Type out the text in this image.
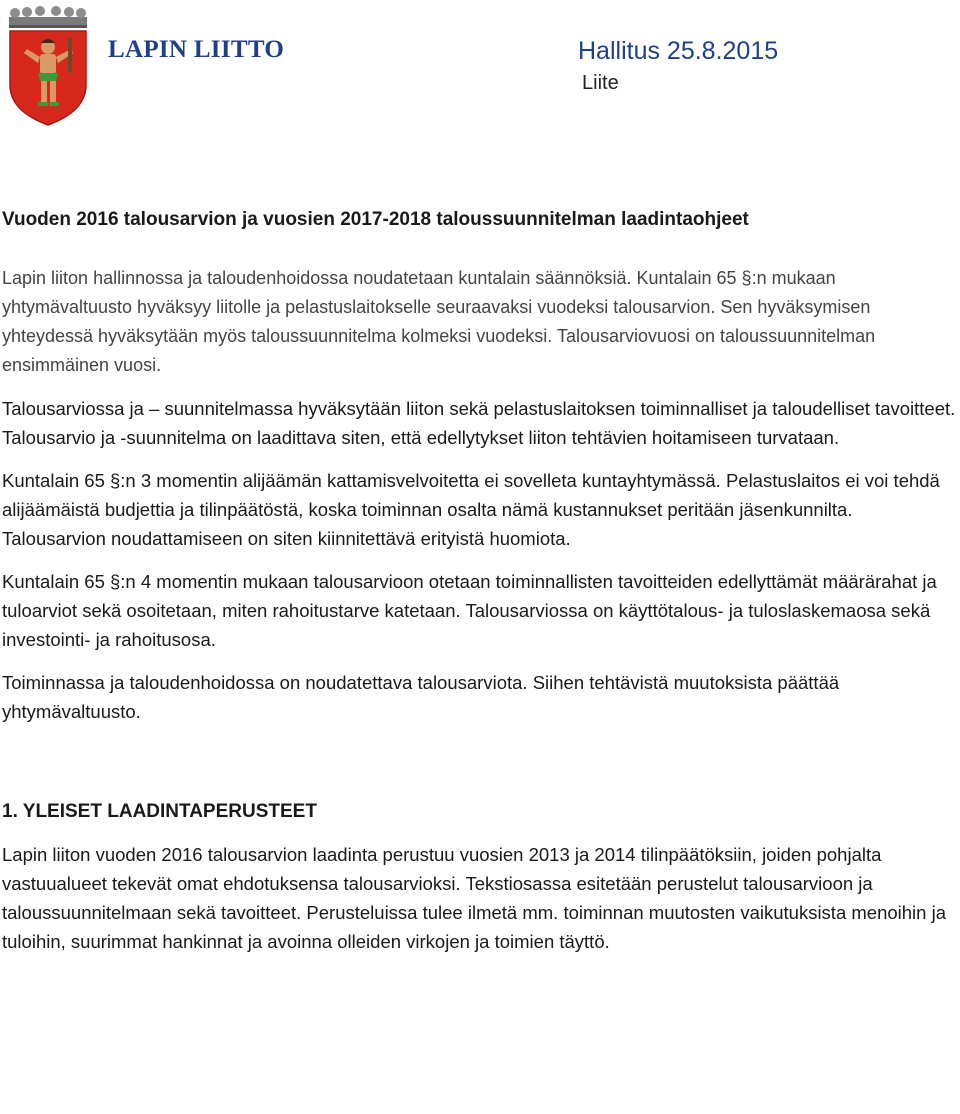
LAPIN LIITTO	Hallitus 25.8.2015
Liite
Vuoden 2016 talousarvion ja vuosien 2017-2018 taloussuunnitelman laadintaohjeet

Lapin liiton hallinnossa ja taloudenhoidossa noudatetaan kuntalain säännöksiä. Kuntalain 65 §:n mukaan yhtymävaltuusto hyväksyy liitolle ja pelastuslaitokselle seuraavaksi vuodeksi talousarvion. Sen hyväksymisen yhteydessä hyväksytään myös taloussuunnitelma kolmeksi vuodeksi. Talousarviovuosi on taloussuunnitelman ensimmäinen vuosi.

Talousarviossa ja – suunnitelmassa hyväksytään liiton sekä pelastuslaitoksen toiminnalliset ja taloudelliset tavoitteet. Talousarvio ja -suunnitelma on laadittava siten, että edellytykset liiton tehtävien hoitamiseen turvataan.

Kuntalain 65 §:n 3 momentin alijäämän kattamisvelvoitetta ei sovelleta kuntayhtymässä. Pelastuslaitos ei voi tehdä alijäämäistä budjettia ja tilinpäätöstä, koska toiminnan osalta nämä kustannukset peritään jäsenkunnilta. Talousarvion noudattamiseen on siten kiinnitettävä erityistä huomiota.

Kuntalain 65 §:n 4 momentin mukaan talousarvioon otetaan toiminnallisten tavoitteiden edellyttämät määrärahat ja tuloarviot sekä osoitetaan, miten rahoitustarve katetaan. Talousarviossa on käyttötalous- ja tuloslaskemaosa sekä investointi- ja rahoitusosa.

Toiminnassa ja taloudenhoidossa on noudatettava talousarviota. Siihen tehtävistä muutoksista päättää yhtymävaltuusto.

1. YLEISET LAADINTAPERUSTEET

Lapin liiton vuoden 2016 talousarvion laadinta perustuu vuosien 2013 ja 2014 tilinpäätöksiin, joiden pohjalta vastuualueet tekevät omat ehdotuksensa talousarvioksi. Tekstiosassa esitetään perustelut talousarvioon ja taloussuunnitelmaan sekä tavoitteet. Perusteluissa tulee ilmetä mm. toiminnan muutosten vaikutuksista menoihin ja tuloihin, suurimmat hankinnat ja avoinna olleiden virkojen ja toimien täyttö.
